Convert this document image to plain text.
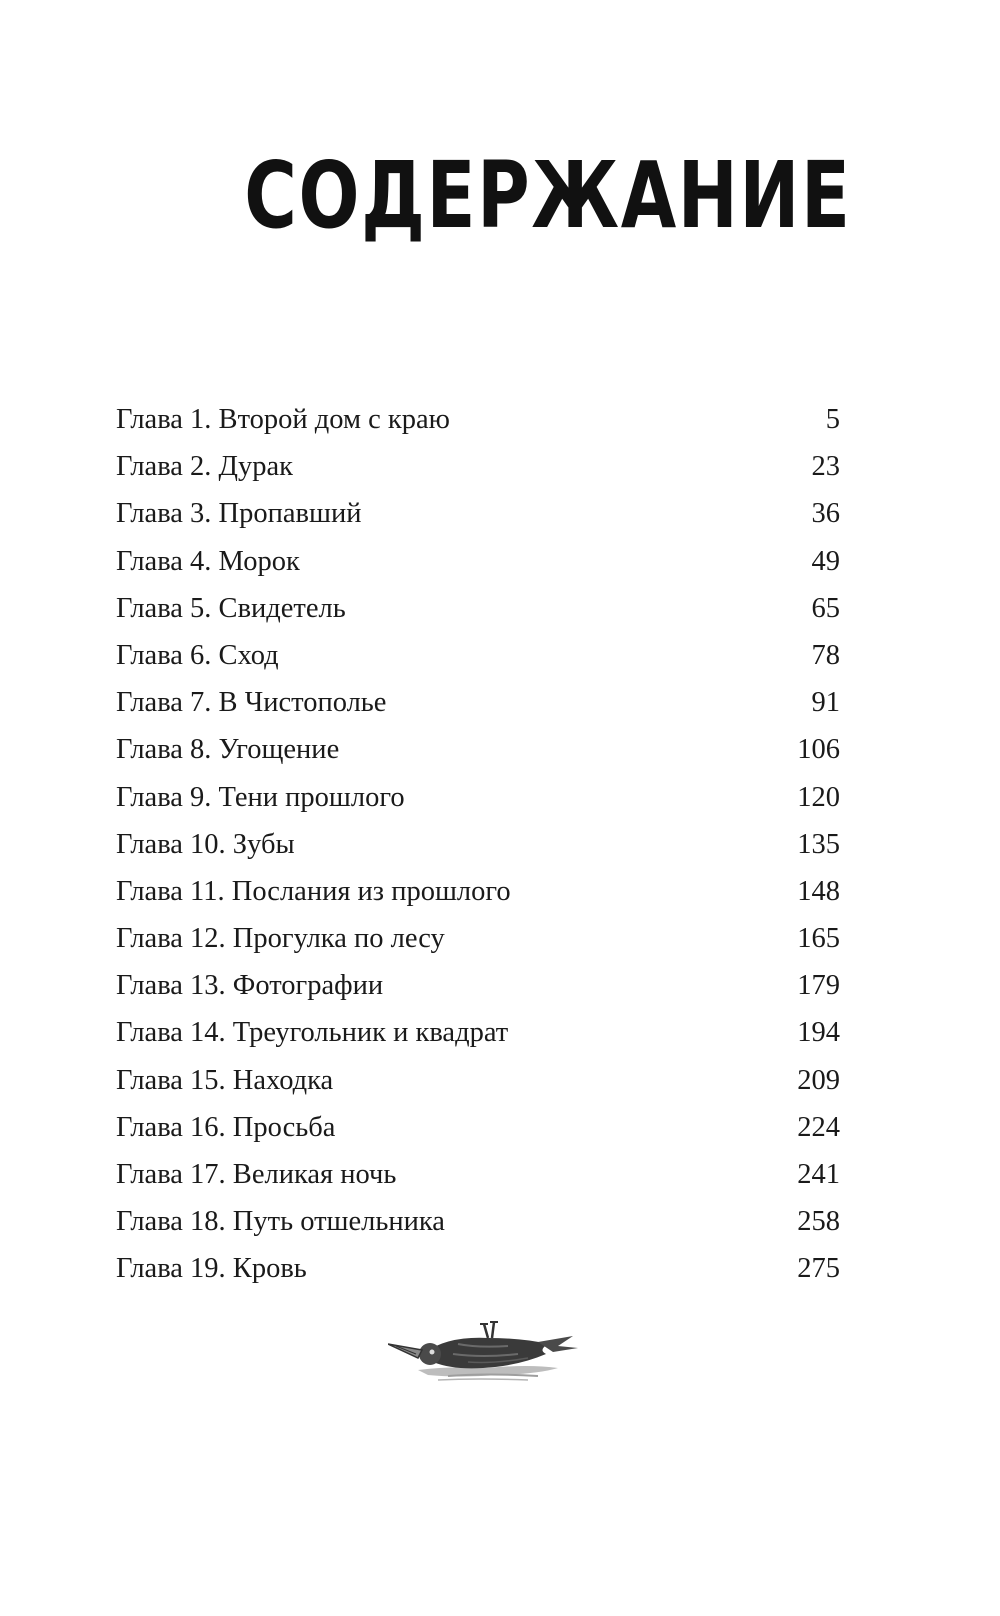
СОДЕРЖАНИЕ
Глава 1. Второй дом с краю	5
Глава 2. Дурак	23
Глава 3. Пропавший	36
Глава 4. Морок	49
Глава 5. Свидетель	65
Глава 6. Сход	78
Глава 7. В Чистополье	91
Глава 8. Угощение	106
Глава 9. Тени прошлого	120
Глава 10. Зубы	135
Глава 11. Послания из прошлого	148
Глава 12. Прогулка по лесу	165
Глава 13. Фотографии	179
Глава 14. Треугольник и квадрат	194
Глава 15. Находка	209
Глава 16. Просьба	224
Глава 17. Великая ночь	241
Глава 18. Путь отшельника	258
Глава 19. Кровь	275
